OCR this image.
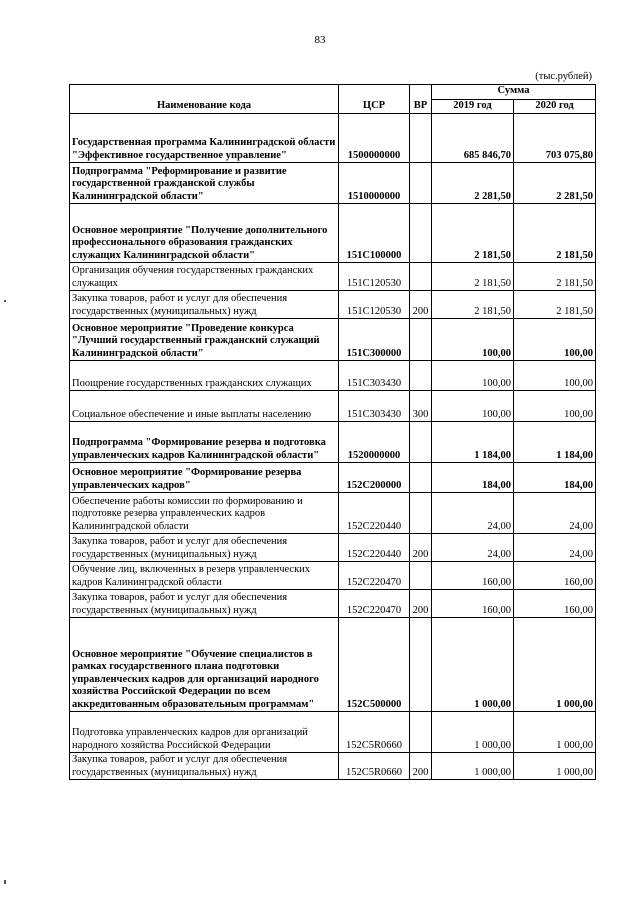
83
(тыс.рублей)
Наименование кода	ЦСР	ВР	Сумма	
			2019 год	2020 год
Государственная программа Калининградской области "Эффективное государственное управление"	1500000000		685 846,70	703 075,80
Подпрограмма "Реформирование и развитие государственной гражданской службы Калининградской области"	1510000000		2 281,50	2 281,50
Основное мероприятие "Получение дополнительного профессионального образования гражданских служащих Калининградской области"	151С100000		2 181,50	2 181,50
Организация обучения государственных гражданских служащих	151С120530		2 181,50	2 181,50
Закупка товаров, работ и услуг для обеспечения государственных (муниципальных) нужд	151С120530	200	2 181,50	2 181,50
Основное мероприятие "Проведение конкурса "Лучший государственный гражданский служащий Калининградской области"	151С300000		100,00	100,00
Поощрение государственных гражданских служащих	151С303430		100,00	100,00
Социальное обеспечение и иные выплаты населению	151С303430	300	100,00	100,00
Подпрограмма "Формирование резерва и подготовка управленческих кадров Калининградской области"	1520000000		1 184,00	1 184,00
Основное мероприятие "Формирование резерва управленческих кадров"	152С200000		184,00	184,00
Обеспечение работы комиссии по формированию и подготовке резерва управленческих кадров Калининградской области	152С220440		24,00	24,00
Закупка товаров, работ и услуг для обеспечения государственных (муниципальных) нужд	152С220440	200	24,00	24,00
Обучение лиц, включенных в резерв управленческих кадров Калининградской области	152С220470		160,00	160,00
Закупка товаров, работ и услуг для обеспечения государственных (муниципальных) нужд	152С220470	200	160,00	160,00
Основное мероприятие "Обучение специалистов в рамках государственного плана подготовки управленческих кадров для организаций народного хозяйства Российской Федерации по всем аккредитованным образовательным программам"	152С500000		1 000,00	1 000,00
Подготовка управленческих кадров для организаций народного хозяйства Российской Федерации	152С5R0660		1 000,00	1 000,00
Закупка товаров, работ и услуг для обеспечения государственных (муниципальных) нужд	152С5R0660	200	1 000,00	1 000,00
